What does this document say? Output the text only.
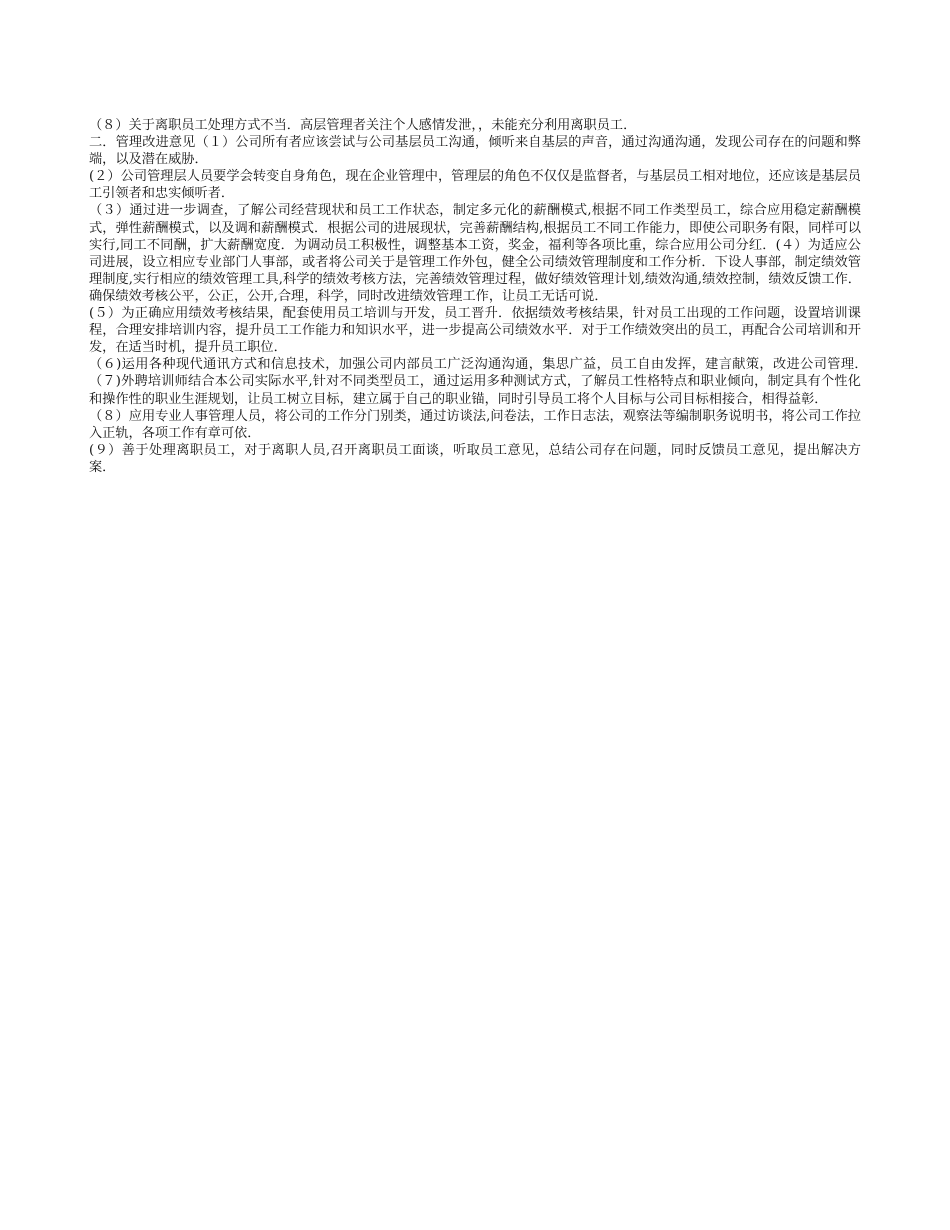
（８）关于离职员工处理方式不当．高层管理者关注个人感情发泄，，未能充分利用离职员工．

二．管理改进意见（１）公司所有者应该尝试与公司基层员工沟通，倾听来自基层的声音，通过沟通沟通，发现公司存在的问题和弊端，以及潜在威胁．

(２）公司管理层人员要学会转变自身角色，现在企业管理中，管理层的角色不仅仅是监督者，与基层员工相对地位，还应该是基层员工引领者和忠实倾听者．

（３）通过进一步调查，了解公司经营现状和员工工作状态，制定多元化的薪酬模式,根据不同工作类型员工，综合应用稳定薪酬模式，弹性薪酬模式，以及调和薪酬模式．根据公司的进展现状，完善薪酬结构,根据员工不同工作能力，即使公司职务有限，同样可以实行,同工不同酬，扩大薪酬宽度．为调动员工积极性，调整基本工资，奖金，福利等各项比重，综合应用公司分红．(４）为适应公司进展，设立相应专业部门人事部，或者将公司关于是管理工作外包，健全公司绩效管理制度和工作分析．下设人事部，制定绩效管理制度,实行相应的绩效管理工具,科学的绩效考核方法，完善绩效管理过程，做好绩效管理计划,绩效沟通,绩效控制，绩效反馈工作．确保绩效考核公平，公正，公开,合理，科学，同时改进绩效管理工作，让员工无话可说．

(５）为正确应用绩效考核结果，配套使用员工培训与开发，员工晋升．依据绩效考核结果，针对员工出现的工作问题，设置培训课程，合理安排培训内容，提升员工工作能力和知识水平，进一步提高公司绩效水平．对于工作绩效突出的员工，再配合公司培训和开发，在适当时机，提升员工职位．

（６)运用各种现代通讯方式和信息技术，加强公司内部员工广泛沟通沟通，集思广益，员工自由发挥，建言献策，改进公司管理．　（７)外聘培训师结合本公司实际水平,针对不同类型员工，通过运用多种测试方式，了解员工性格特点和职业倾向，制定具有个性化和操作性的职业生涯规划，让员工树立目标，建立属于自己的职业锚，同时引导员工将个人目标与公司目标相接合，相得益彰．

（８）应用专业人事管理人员，将公司的工作分门别类，通过访谈法,问卷法，工作日志法，观察法等编制职务说明书，将公司工作拉入正轨，各项工作有章可依．

(９）善于处理离职员工，对于离职人员,召开离职员工面谈，听取员工意见，总结公司存在问题，同时反馈员工意见，提出解决方案．
